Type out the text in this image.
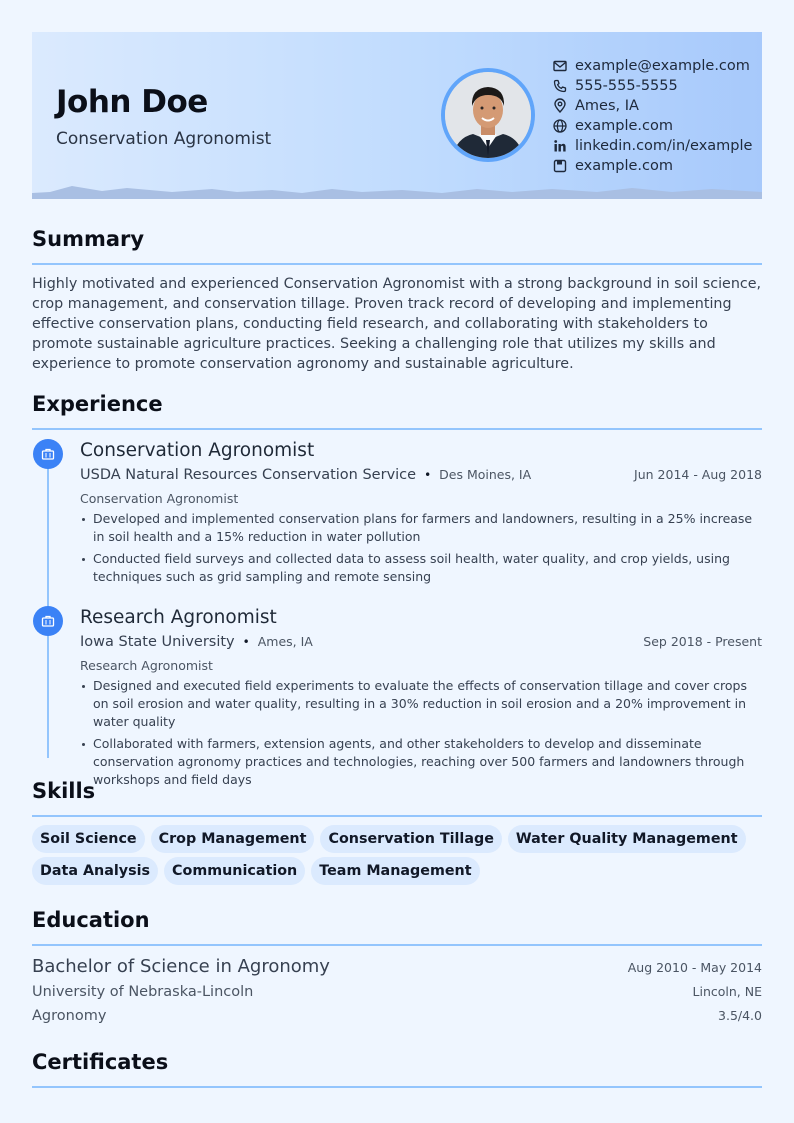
John Doe
Conservation Agronomist
example@example.com
555-555-5555
Ames, IA
example.com
linkedin.com/in/example
example.com
Summary
Highly motivated and experienced Conservation Agronomist with a strong background in soil science, crop management, and conservation tillage. Proven track record of developing and implementing effective conservation plans, conducting field research, and collaborating with stakeholders to promote sustainable agriculture practices. Seeking a challenging role that utilizes my skills and experience to promote conservation agronomy and sustainable agriculture.
Experience
Conservation Agronomist
USDA Natural Resources Conservation Service • Des Moines, IA	Jun 2014 - Aug 2018
Conservation Agronomist
Developed and implemented conservation plans for farmers and landowners, resulting in a 25% increase in soil health and a 15% reduction in water pollution
Conducted field surveys and collected data to assess soil health, water quality, and crop yields, using techniques such as grid sampling and remote sensing
Research Agronomist
Iowa State University • Ames, IA	Sep 2018 - Present
Research Agronomist
Designed and executed field experiments to evaluate the effects of conservation tillage and cover crops on soil erosion and water quality, resulting in a 30% reduction in soil erosion and a 20% improvement in water quality
Collaborated with farmers, extension agents, and other stakeholders to develop and disseminate conservation agronomy practices and technologies, reaching over 500 farmers and landowners through workshops and field days
Skills
Soil Science Crop Management Conservation Tillage Water Quality Management
Data Analysis Communication Team Management
Education
Bachelor of Science in Agronomy	Aug 2010 - May 2014
University of Nebraska-Lincoln	Lincoln, NE
Agronomy	3.5/4.0
Certificates
